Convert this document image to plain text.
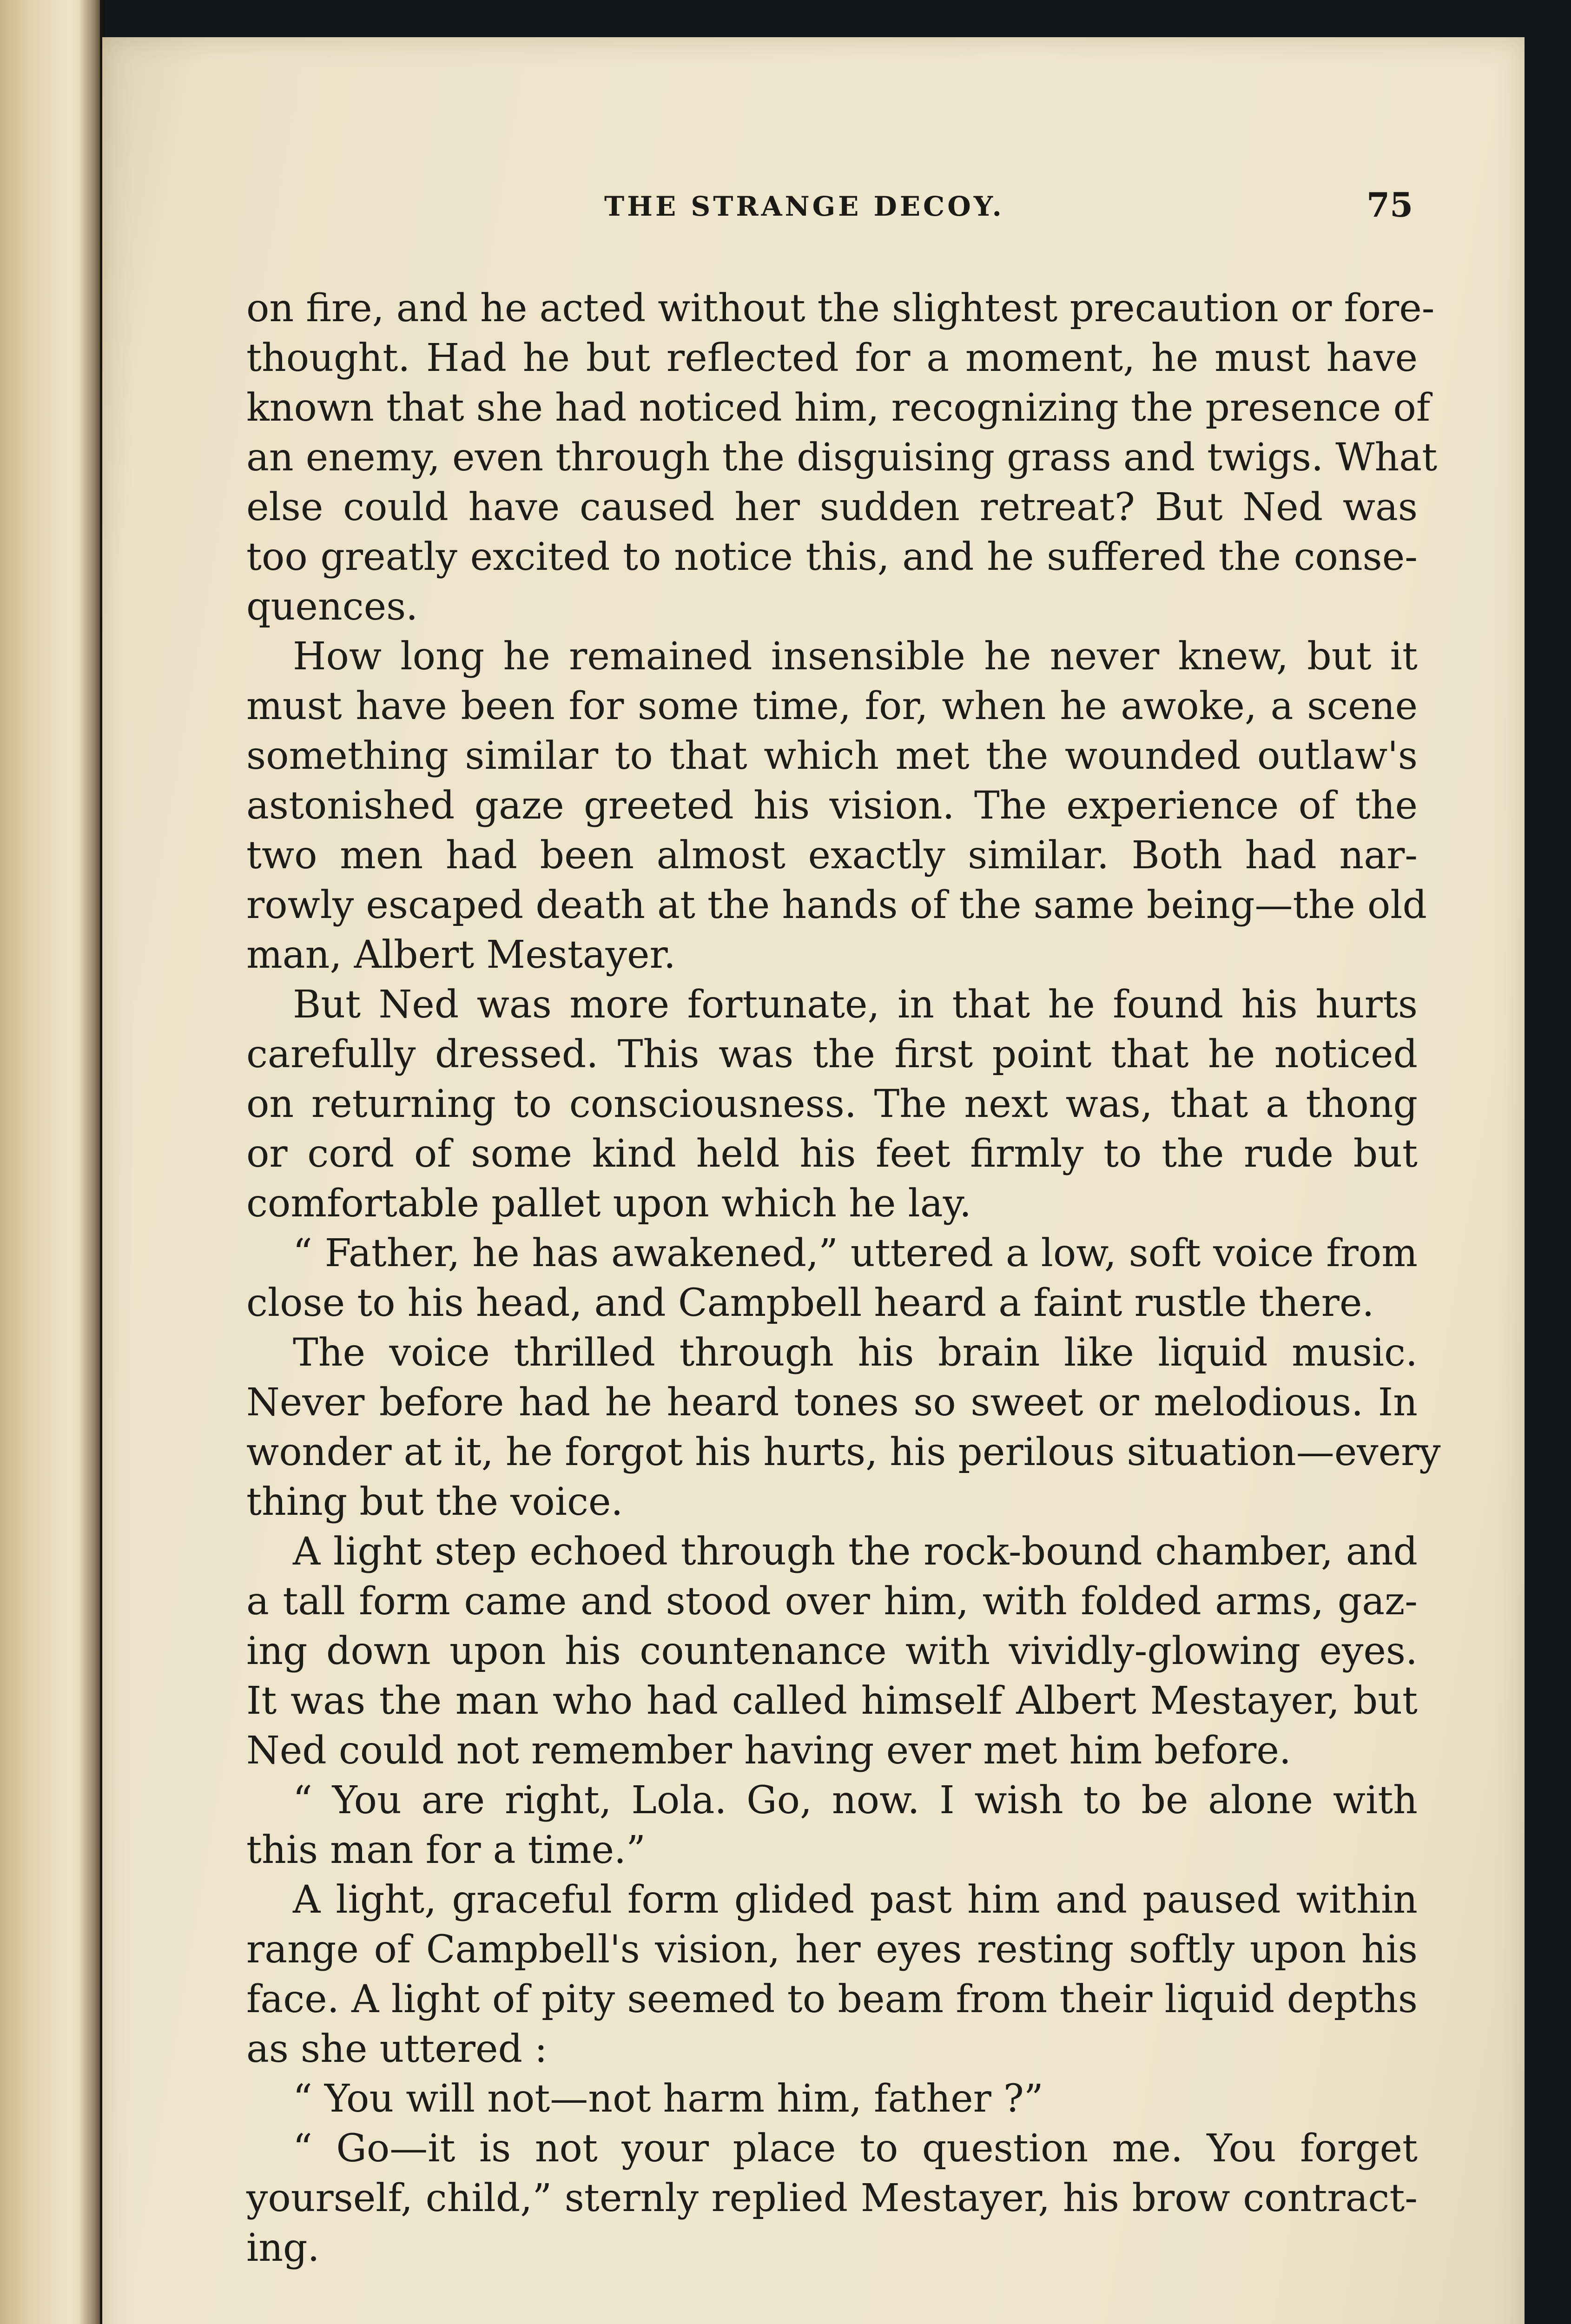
THE STRANGE DECOY.	75
on fire, and he acted without the slightest precaution or fore-
thought. Had he but reflected for a moment, he must have
known that she had noticed him, recognizing the presence of
an enemy, even through the disguising grass and twigs. What
else could have caused her sudden retreat? But Ned was
too greatly excited to notice this, and he suffered the conse-
quences.
How long he remained insensible he never knew, but it
must have been for some time, for, when he awoke, a scene
something similar to that which met the wounded outlaw's
astonished gaze greeted his vision. The experience of the
two men had been almost exactly similar. Both had nar-
rowly escaped death at the hands of the same being—the old
man, Albert Mestayer.
But Ned was more fortunate, in that he found his hurts
carefully dressed. This was the first point that he noticed
on returning to consciousness. The next was, that a thong
or cord of some kind held his feet firmly to the rude but
comfortable pallet upon which he lay.
“ Father, he has awakened,” uttered a low, soft voice from
close to his head, and Campbell heard a faint rustle there.
The voice thrilled through his brain like liquid music.
Never before had he heard tones so sweet or melodious. In
wonder at it, he forgot his hurts, his perilous situation—every
thing but the voice.
A light step echoed through the rock-bound chamber, and
a tall form came and stood over him, with folded arms, gaz-
ing down upon his countenance with vividly-glowing eyes.
It was the man who had called himself Albert Mestayer, but
Ned could not remember having ever met him before.
“ You are right, Lola. Go, now. I wish to be alone with
this man for a time.”
A light, graceful form glided past him and paused within
range of Campbell's vision, her eyes resting softly upon his
face. A light of pity seemed to beam from their liquid depths
as she uttered :
“ You will not—not harm him, father ?”
“ Go—it is not your place to question me. You forget
yourself, child,” sternly replied Mestayer, his brow contract-
ing.
